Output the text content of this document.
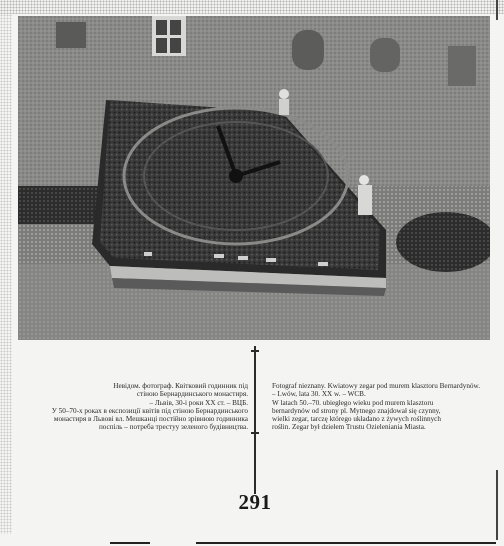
Невідом. фотограф. Квітковий годинник під

стіною Бернардинського монастиря.

– Львів, 30-і роки ХХ ст. – ВЦБ.

У 50–70-х роках в експозиції квітів під стіною Бернардинського

монастиря в Львові вл. Мешканці постійно зрівнюю годинника

поспіль – потреба трестуу зеленого будівництва.

Fotograf nieznany. Kwiatowy zegar pod murem klasztoru Bernardynów.

– Lwów, lata 30. XX w. – WCB.

W latach 50.–70. ubiegłego wieku pod murem klasztoru

bernardynów od strony pl. Mytnego znajdował się czynny,

wielki zegar, tarczę którego układano z żywych roślinnych

roślin. Zegar był dziełem Trustu Ozieleniania Miasta.

291
